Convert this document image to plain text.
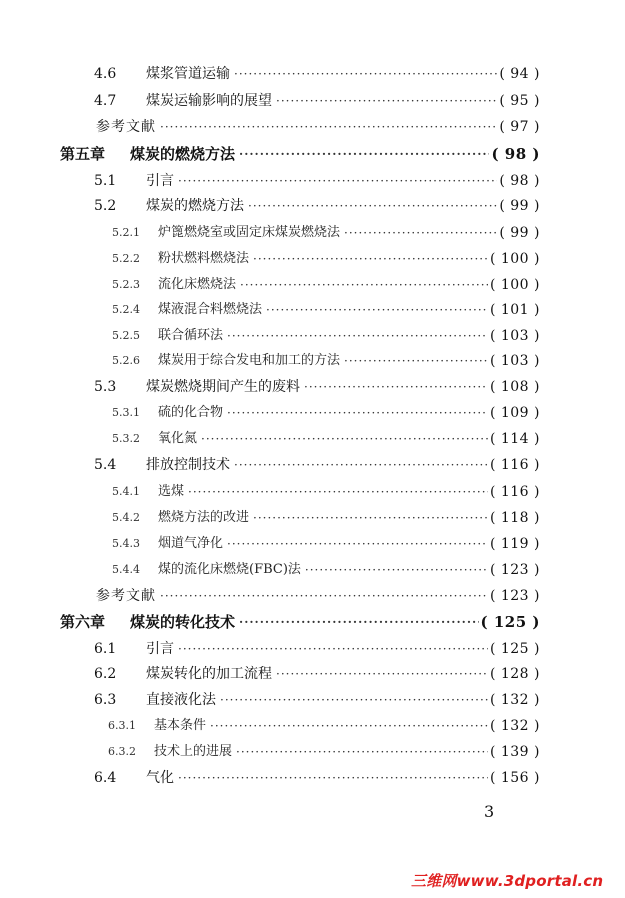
4.6	煤浆管道运输 ·····	( 94 )
4.7	煤炭运输影响的展望 ·····	( 95 )
参考文献 ·····	( 97 )
第五章	煤炭的燃烧方法 ·····	( 98 )
5.1	引言 ·····	( 98 )
5.2	煤炭的燃烧方法 ·····	( 99 )
5.2.1	炉篦燃烧室或固定床煤炭燃烧法 ·····	( 99 )
5.2.2	粉状燃料燃烧法 ·····	( 100 )
5.2.3	流化床燃烧法 ·····	( 100 )
5.2.4	煤液混合料燃烧法 ·····	( 101 )
5.2.5	联合循环法 ·····	( 103 )
5.2.6	煤炭用于综合发电和加工的方法 ·····	( 103 )
5.3	煤炭燃烧期间产生的废料 ·····	( 108 )
5.3.1	硫的化合物 ·····	( 109 )
5.3.2	氧化氮 ·····	( 114 )
5.4	排放控制技术 ·····	( 116 )
5.4.1	选煤 ·····	( 116 )
5.4.2	燃烧方法的改进 ·····	( 118 )
5.4.3	烟道气净化 ·····	( 119 )
5.4.4	煤的流化床燃烧(FBC)法 ·····	( 123 )
参考文献 ·····	( 123 )
第六章	煤炭的转化技术 ·····	( 125 )
6.1	引言 ·····	( 125 )
6.2	煤炭转化的加工流程 ·····	( 128 )
6.3	直接液化法 ·····	( 132 )
6.3.1	基本条件 ·····	( 132 )
6.3.2	技术上的进展 ·····	( 139 )
6.4	气化 ·····	( 156 )
3
三维网www.3dportal.cn
